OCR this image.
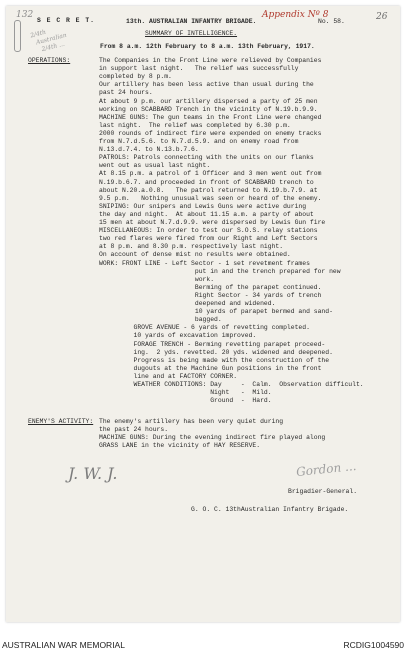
132
2/4th
Australian
2/4th ...
26
S E C R E T.	13th. AUSTRALIAN INFANTRY BRIGADE.
Appendix Nº 8
No. 58.
SUMMARY OF INTELLIGENCE.
From 8 a.m. 12th February to 8 a.m. 13th February, 1917.
OPERATIONS:	The Companies in the Front Line were relieved by Companies
in support last night.   The relief was successfully
completed by 8 p.m.
Our artillery has been less active than usual during the
past 24 hours.
At about 9 p.m. our artillery dispersed a party of 25 men
working on SCABBARD Trench in the vicinity of N.19.b.9.9.
MACHINE GUNS: The gun teams in the Front Line were changed
last night.  The relief was completed by 6.30 p.m.
2000 rounds of indirect fire were expended on enemy tracks
from N.7.d.5.6. to N.7.d.5.9. and on enemy road from
N.13.d.7.4. to N.13.b.7.6.
PATROLS: Patrols connecting with the units on our flanks
went out as usual last night.
At 8.15 p.m. a patrol of 1 Officer and 3 men went out from
N.19.b.6.7. and proceeded in front of SCABBARD trench to
about N.20.a.0.8.   The patrol returned to N.19.b.7.9. at
9.5 p.m.   Nothing unusual was seen or heard of the enemy.
SNIPING: Our snipers and Lewis Guns were active during
the day and night.  At about 11.15 a.m. a party of about
15 men at about N.7.d.9.9. were dispersed by Lewis Gun fire
MISCELLANEOUS: In order to test our S.O.S. relay stations
two red flares were fired from our Right and Left Sectors
at 8 p.m. and 8.30 p.m. respectively last night.
On account of dense mist no results were obtained.
WORK: FRONT LINE - Left Sector - 1 set revetment frames
put in and the trench prepared for new
work.
Berming of the parapet continued.
Right Sector - 34 yards of trench
deepened and widened.
10 yards of parapet bermed and sand-
bagged.
GROVE AVENUE - 6 yards of revetting completed.
10 yards of excavation improved.
FORAGE TRENCH - Berming revetting parapet proceed-
ing.  2 yds. revetted. 20 yds. widened and deepened.
Progress is being made with the construction of the
dugouts at the Machine Gun positions in the front
line and at FACTORY CORNER.
WEATHER CONDITIONS: Day     -  Calm.  Observation difficult.
Night   -  Mild.
Ground  -  Hard.
ENEMY'S ACTIVITY: The enemy's artillery has been very quiet during
the past 24 hours.
MACHINE GUNS: During the evening indirect fire played along
GRASS LANE in the vicinity of HAY RESERVE.
J. W. J.	Gordon ...
Brigadier-General.
G. O. C. 13thAustralian Infantry Brigade.
AUSTRALIAN WAR MEMORIAL	RCDIG1004590
